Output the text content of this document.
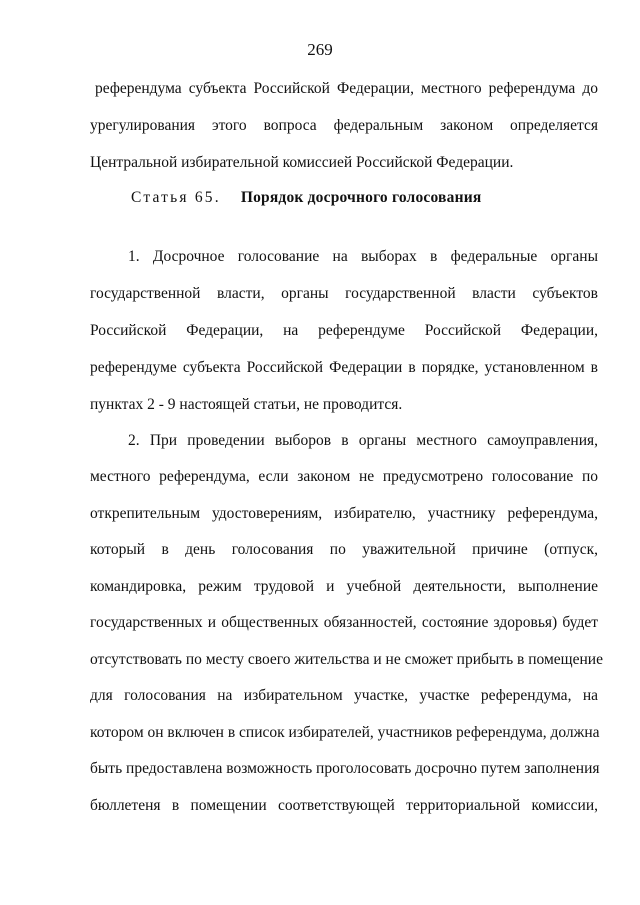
269
референдума субъекта Российской Федерации, местного референдума до
урегулирования этого вопроса федеральным законом определяется
Центральной избирательной комиссией Российской Федерации.
Статья 65. Порядок досрочного голосования
1. Досрочное голосование на выборах в федеральные органы
государственной власти, органы государственной власти субъектов
Российской Федерации, на референдуме Российской Федерации,
референдуме субъекта Российской Федерации в порядке, установленном в
пунктах 2 - 9 настоящей статьи, не проводится.
2. При проведении выборов в органы местного самоуправления,
местного референдума, если законом не предусмотрено голосование по
открепительным удостоверениям, избирателю, участнику референдума,
который в день голосования по уважительной причине (отпуск,
командировка, режим трудовой и учебной деятельности, выполнение
государственных и общественных обязанностей, состояние здоровья) будет
отсутствовать по месту своего жительства и не сможет прибыть в помещение
для голосования на избирательном участке, участке референдума, на
котором он включен в список избирателей, участников референдума, должна
быть предоставлена возможность проголосовать досрочно путем заполнения
бюллетеня в помещении соответствующей территориальной комиссии,
